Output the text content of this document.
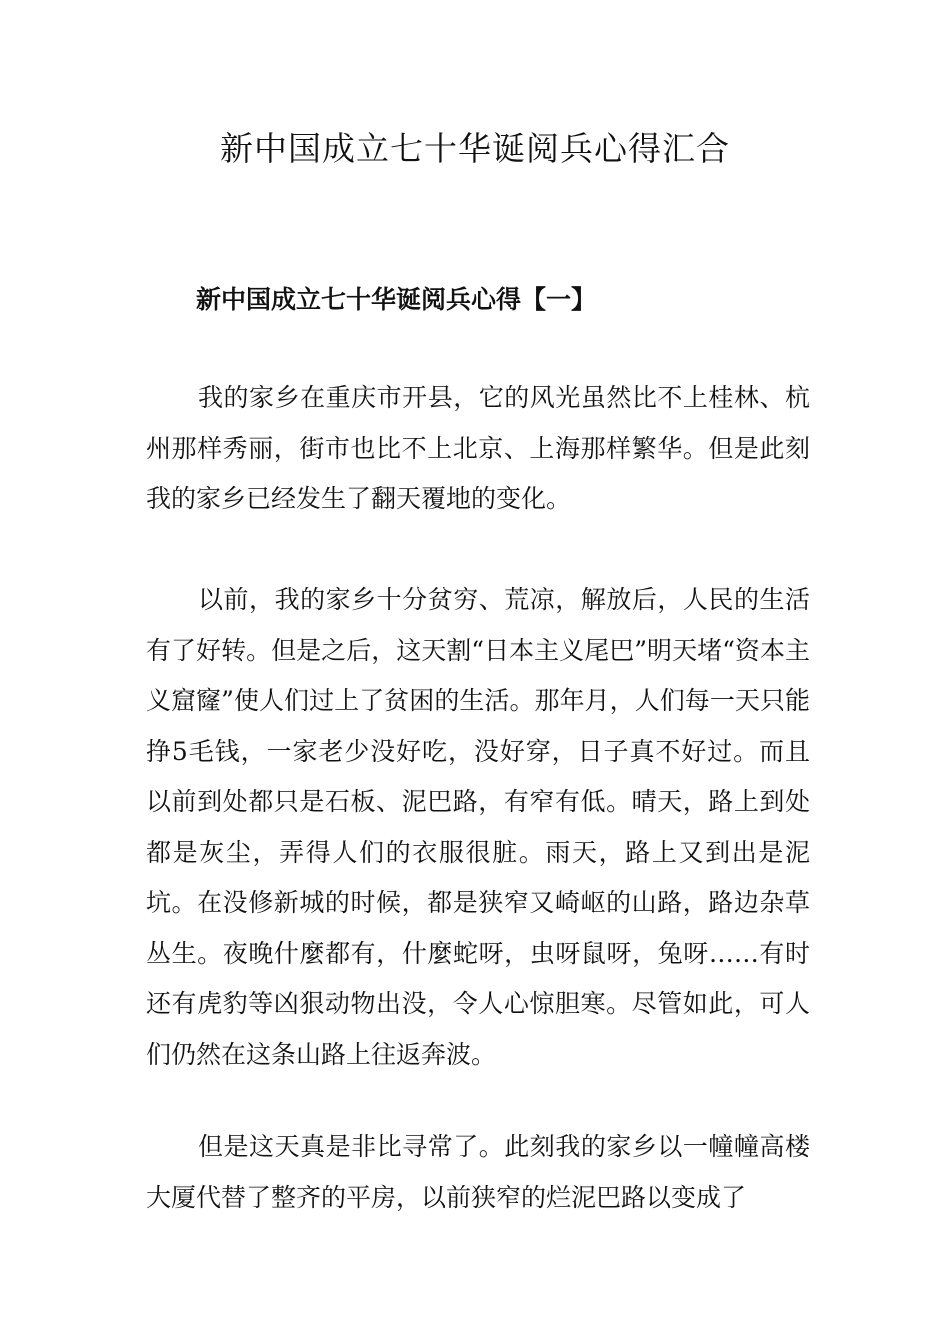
新中国成立七十华诞阅兵心得汇合
新中国成立七十华诞阅兵心得【一】

我的家乡在重庆市开县，它的风光虽然比不上桂林、杭州那样秀丽，街市也比不上北京、上海那样繁华。但是此刻我的家乡已经发生了翻天覆地的变化。

以前，我的家乡十分贫穷、荒凉，解放后，人民的生活有了好转。但是之后，这天割“日本主义尾巴”明天堵“资本主义窟窿”使人们过上了贫困的生活。那年月，人们每一天只能挣5毛钱，一家老少没好吃，没好穿，日子真不好过。而且以前到处都只是石板、泥巴路，有窄有低。晴天，路上到处都是灰尘，弄得人们的衣服很脏。雨天，路上又到出是泥坑。在没修新城的时候，都是狭窄又崎岖的山路，路边杂草丛生。夜晚什麼都有，什麼蛇呀，虫呀鼠呀，兔呀……有时还有虎豹等凶狠动物出没，令人心惊胆寒。尽管如此，可人们仍然在这条山路上往返奔波。

但是这天真是非比寻常了。此刻我的家乡以一幢幢高楼大厦代替了整齐的平房，以前狭窄的烂泥巴路以变成了
